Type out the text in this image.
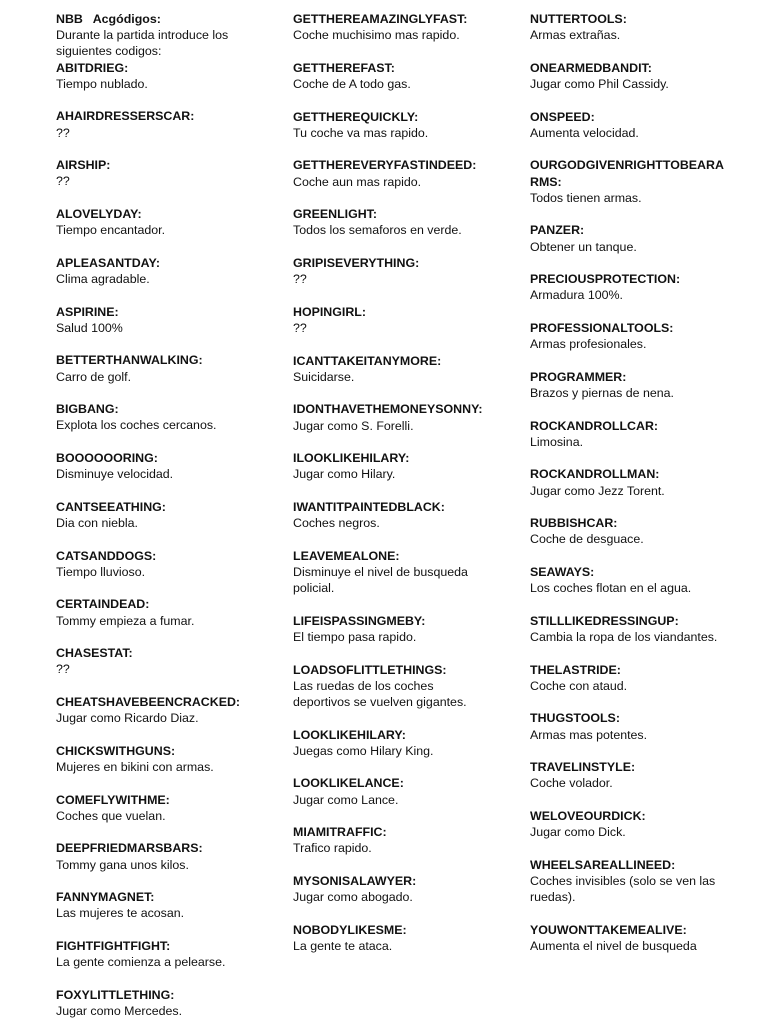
NBB   Acgódigos:
Durante la partida introduce los siguientes codigos:
ABITDRIEG:
Tiempo nublado.
AHAIRDRESSERSCAR:
??
AIRSHIP:
??
ALOVELYDAY:
Tiempo encantador.
APLEASANTDAY:
Clima agradable.
ASPIRINE:
Salud 100%
BETTERTHANWALKING:
Carro de golf.
BIGBANG:
Explota los coches cercanos.
BOOOOOORING:
Disminuye velocidad.
CANTSEEATHING:
Dia con niebla.
CATSANDDOGS:
Tiempo lluvioso.
CERTAINDEAD:
Tommy empieza a fumar.
CHASESTAT:
??
CHEATSHAVEBEENCRACKED:
Jugar como Ricardo Diaz.
CHICKSWITHGUNS:
Mujeres en bikini con armas.
COMEFLYWITHME:
Coches que vuelan.
DEEPFRIEDMARSBARS:
Tommy gana unos kilos.
FANNYMAGNET:
Las mujeres te acosan.
FIGHTFIGHTFIGHT:
La gente comienza a pelearse.
FOXYLITTLETHING:
Jugar como Mercedes.
GETTHEREAMAZINGLYFAST:
Coche muchisimo mas rapido.
GETTHEREFAST:
Coche de A todo gas.
GETTHEREQUICKLY:
Tu coche va mas rapido.
GETTHEREVERYFASTINDEED:
Coche aun mas rapido.
GREENLIGHT:
Todos los semaforos en verde.
GRIPISEVERYTHING:
??
HOPINGIRL:
??
ICANTTAKEITANYMORE:
Suicidarse.
IDONTHAVETHEMONEYSONNY:
Jugar como S. Forelli.
ILOOKLIKEHILARY:
Jugar como Hilary.
IWANTITPAINTEDBLACK:
Coches negros.
LEAVEMEALONE:
Disminuye el nivel de busqueda policial.
LIFEISPASSINGMEBY:
El tiempo pasa rapido.
LOADSOFLITTLETHINGS:
Las ruedas de los coches deportivos se vuelven gigantes.
LOOKLIKEHILARY:
Juegas como Hilary King.
LOOKLIKELANCE:
Jugar como Lance.
MIAMITRAFFIC:
Trafico rapido.
MYSONISALAWYER:
Jugar como abogado.
NOBODYLIKESME:
La gente te ataca.
NUTTERTOOLS:
Armas extrañas.
ONEARMEDBANDIT:
Jugar como Phil Cassidy.
ONSPEED:
Aumenta velocidad.
OURGODGIVENRIGHTTOBEARARMS:
Todos tienen armas.
PANZER:
Obtener un tanque.
PRECIOUSPROTECTION:
Armadura 100%.
PROFESSIONALTOOLS:
Armas profesionales.
PROGRAMMER:
Brazos y piernas de nena.
ROCKANDROLLCAR:
Limosina.
ROCKANDROLLMAN:
Jugar como Jezz Torent.
RUBBISHCAR:
Coche de desguace.
SEAWAYS:
Los coches flotan en el agua.
STILLLIKEDRESSINGUP:
Cambia la ropa de los viandantes.
THELASTRIDE:
Coche con ataud.
THUGSTOOLS:
Armas mas potentes.
TRAVELINSTYLE:
Coche volador.
WELOVEOURDICK:
Jugar como Dick.
WHEELSAREALLINEED:
Coches invisibles (solo se ven las ruedas).
YOUWONTTAKEMEALIVE:
Aumenta el nivel de busqueda
